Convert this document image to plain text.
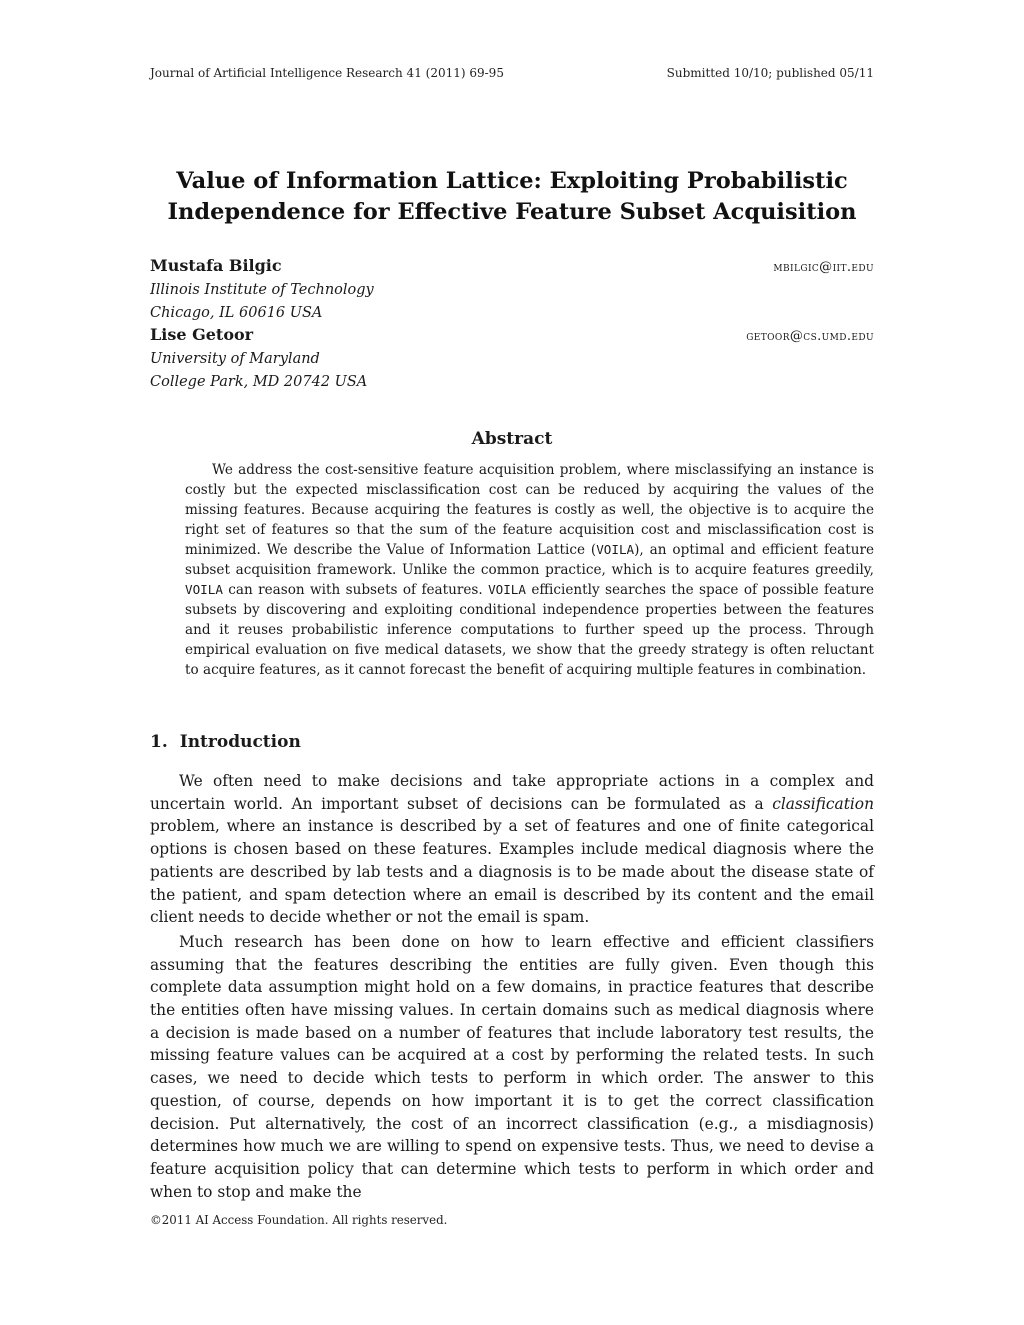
Journal of Artificial Intelligence Research 41 (2011) 69-95	Submitted 10/10; published 05/11
Value of Information Lattice: Exploiting Probabilistic
Independence for Effective Feature Subset Acquisition
Mustafa Bilgic	mbilgic@iit.edu
Illinois Institute of Technology
Chicago, IL 60616 USA
Lise Getoor	getoor@cs.umd.edu
University of Maryland
College Park, MD 20742 USA
Abstract
We address the cost-sensitive feature acquisition problem, where misclassifying an instance is costly but the expected misclassification cost can be reduced by acquiring the values of the missing features. Because acquiring the features is costly as well, the objective is to acquire the right set of features so that the sum of the feature acquisition cost and misclassification cost is minimized. We describe the Value of Information Lattice (VOILA), an optimal and efficient feature subset acquisition framework. Unlike the common practice, which is to acquire features greedily, VOILA can reason with subsets of features. VOILA efficiently searches the space of possible feature subsets by discovering and exploiting conditional independence properties between the features and it reuses probabilistic inference computations to further speed up the process. Through empirical evaluation on five medical datasets, we show that the greedy strategy is often reluctant to acquire features, as it cannot forecast the benefit of acquiring multiple features in combination.
1. Introduction

We often need to make decisions and take appropriate actions in a complex and uncertain world. An important subset of decisions can be formulated as a classification problem, where an instance is described by a set of features and one of finite categorical options is chosen based on these features. Examples include medical diagnosis where the patients are described by lab tests and a diagnosis is to be made about the disease state of the patient, and spam detection where an email is described by its content and the email client needs to decide whether or not the email is spam.

Much research has been done on how to learn effective and efficient classifiers assuming that the features describing the entities are fully given. Even though this complete data assumption might hold on a few domains, in practice features that describe the entities often have missing values. In certain domains such as medical diagnosis where a decision is made based on a number of features that include laboratory test results, the missing feature values can be acquired at a cost by performing the related tests. In such cases, we need to decide which tests to perform in which order. The answer to this question, of course, depends on how important it is to get the correct classification decision. Put alternatively, the cost of an incorrect classification (e.g., a misdiagnosis) determines how much we are willing to spend on expensive tests. Thus, we need to devise a feature acquisition policy that can determine which tests to perform in which order and when to stop and make the

©2011 AI Access Foundation. All rights reserved.
